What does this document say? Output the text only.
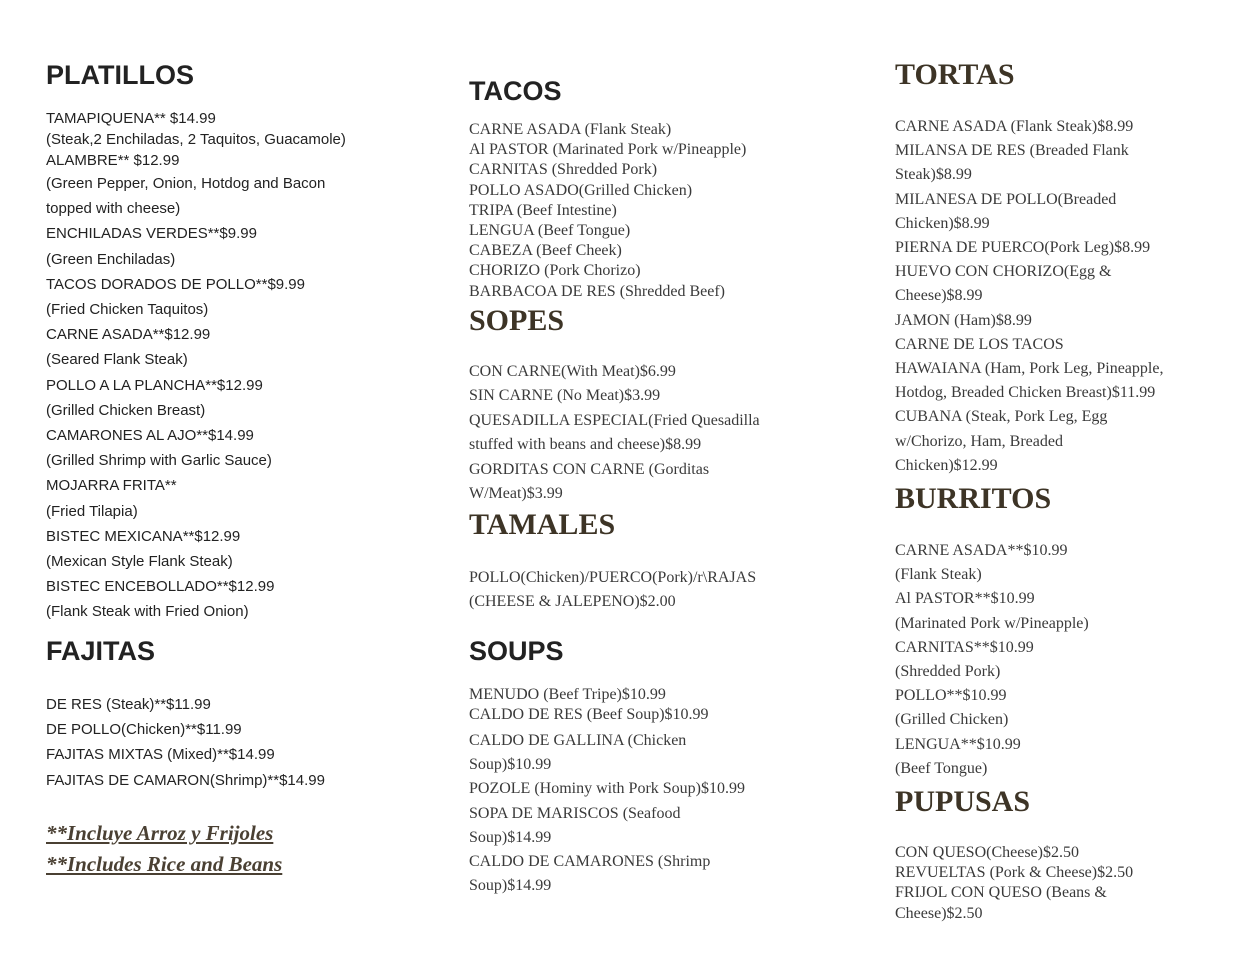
PLATILLOS
TAMAPIQUENA** $14.99
(Steak,2 Enchiladas, 2 Taquitos, Guacamole)
ALAMBRE** $12.99
(Green Pepper, Onion, Hotdog and Bacon
topped with cheese)
ENCHILADAS VERDES**$9.99
(Green Enchiladas)
TACOS DORADOS DE POLLO**$9.99
(Fried Chicken Taquitos)
CARNE ASADA**$12.99
(Seared Flank Steak)
POLLO A LA PLANCHA**$12.99
(Grilled Chicken Breast)
CAMARONES AL AJO**$14.99
(Grilled Shrimp with Garlic Sauce)
MOJARRA FRITA**
(Fried Tilapia)
BISTEC MEXICANA**$12.99
(Mexican Style Flank Steak)
BISTEC ENCEBOLLADO**$12.99
(Flank Steak with Fried Onion)
FAJITAS
DE RES (Steak)**$11.99
DE POLLO(Chicken)**$11.99
FAJITAS MIXTAS (Mixed)**$14.99
FAJITAS DE CAMARON(Shrimp)**$14.99
**Incluye Arroz y Frijoles
**Includes Rice and Beans
TACOS
CARNE ASADA (Flank Steak)
Al PASTOR (Marinated Pork w/Pineapple)
CARNITAS (Shredded Pork)
POLLO ASADO(Grilled Chicken)
TRIPA (Beef Intestine)
LENGUA (Beef Tongue)
CABEZA (Beef Cheek)
CHORIZO (Pork Chorizo)
BARBACOA DE RES (Shredded Beef)
SOPES
CON CARNE(With Meat)$6.99
SIN CARNE (No Meat)$3.99
QUESADILLA ESPECIAL(Fried Quesadilla
stuffed with beans and cheese)$8.99
GORDITAS CON CARNE (Gorditas
W/Meat)$3.99
TAMALES
POLLO(Chicken)/PUERCO(Pork)/r\RAJAS
(CHEESE & JALEPENO)$2.00
SOUPS
MENUDO (Beef Tripe)$10.99
CALDO DE RES (Beef Soup)$10.99
CALDO DE GALLINA (Chicken
Soup)$10.99
POZOLE (Hominy with Pork Soup)$10.99
SOPA DE MARISCOS (Seafood
Soup)$14.99
CALDO DE CAMARONES (Shrimp
Soup)$14.99
TORTAS
CARNE ASADA (Flank Steak)$8.99
MILANSA DE RES (Breaded Flank
Steak)$8.99
MILANESA DE POLLO(Breaded
Chicken)$8.99
PIERNA DE PUERCO(Pork Leg)$8.99
HUEVO CON CHORIZO(Egg &
Cheese)$8.99
JAMON (Ham)$8.99
CARNE DE LOS TACOS
HAWAIANA (Ham, Pork Leg, Pineapple,
Hotdog, Breaded Chicken Breast)$11.99
CUBANA (Steak, Pork Leg, Egg
w/Chorizo, Ham, Breaded
Chicken)$12.99
BURRITOS
CARNE ASADA**$10.99
(Flank Steak)
Al PASTOR**$10.99
(Marinated Pork w/Pineapple)
CARNITAS**$10.99
(Shredded Pork)
POLLO**$10.99
(Grilled Chicken)
LENGUA**$10.99
(Beef Tongue)
PUPUSAS
CON QUESO(Cheese)$2.50
REVUELTAS (Pork & Cheese)$2.50
FRIJOL CON QUESO (Beans &
Cheese)$2.50
